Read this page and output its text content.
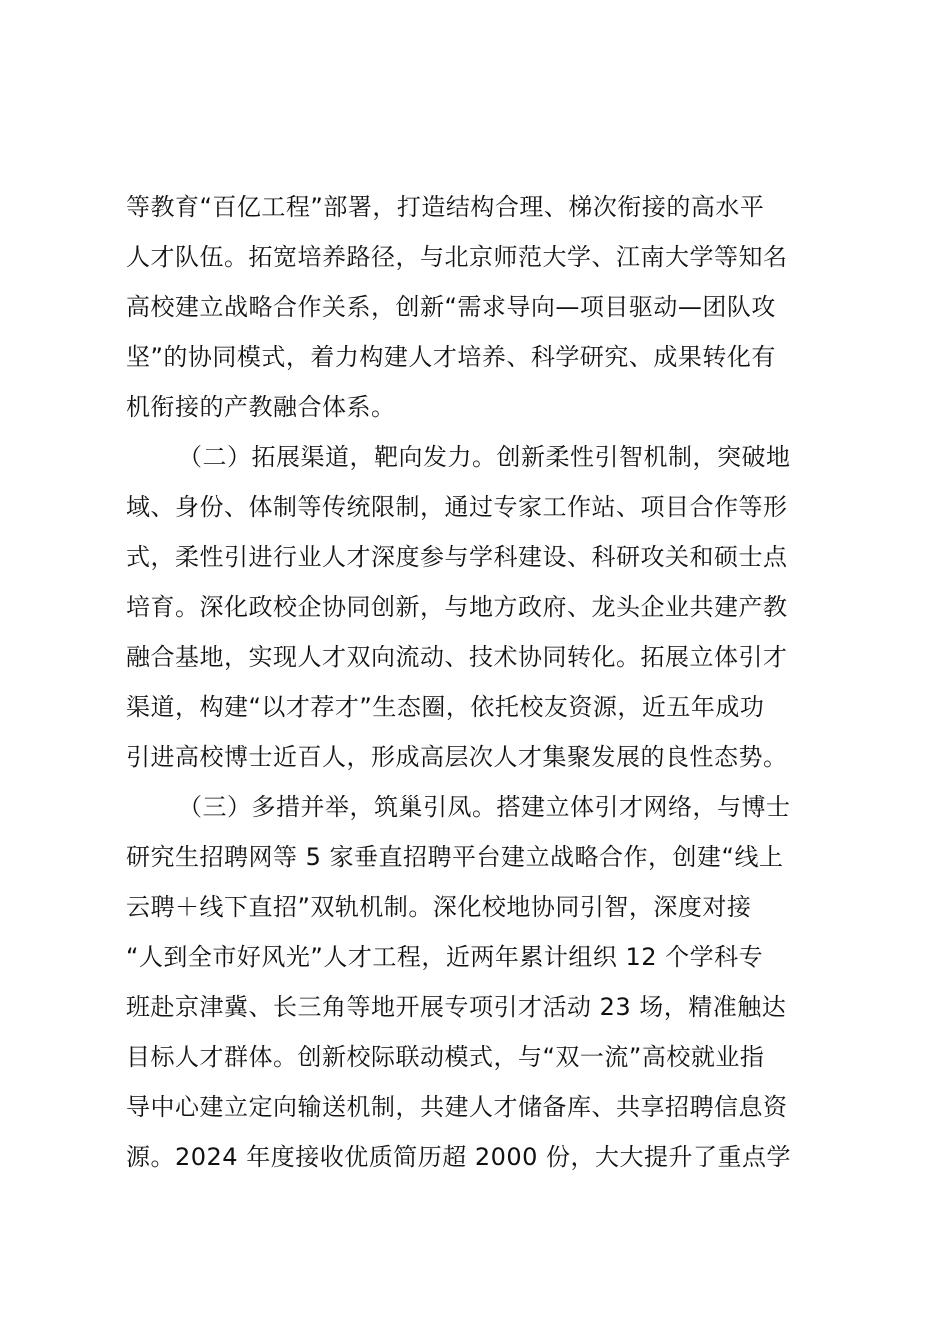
等教育“百亿工程”部署，打造结构合理、梯次衔接的高水平
人才队伍。拓宽培养路径，与北京师范大学、江南大学等知名
高校建立战略合作关系，创新“需求导向—项目驱动—团队攻
坚”的协同模式，着力构建人才培养、科学研究、成果转化有
机衔接的产教融合体系。
（二）拓展渠道，靶向发力。创新柔性引智机制，突破地
域、身份、体制等传统限制，通过专家工作站、项目合作等形
式，柔性引进行业人才深度参与学科建设、科研攻关和硕士点
培育。深化政校企协同创新，与地方政府、龙头企业共建产教
融合基地，实现人才双向流动、技术协同转化。拓展立体引才
渠道，构建“以才荐才”生态圈，依托校友资源，近五年成功
引进高校博士近百人，形成高层次人才集聚发展的良性态势。
（三）多措并举，筑巢引凤。搭建立体引才网络，与博士
研究生招聘网等 5 家垂直招聘平台建立战略合作，创建“线上
云聘＋线下直招”双轨机制。深化校地协同引智，深度对接
“人到全市好风光”人才工程，近两年累计组织 12 个学科专
班赴京津冀、长三角等地开展专项引才活动 23 场，精准触达
目标人才群体。创新校际联动模式，与“双一流”高校就业指
导中心建立定向输送机制，共建人才储备库、共享招聘信息资
源。2024 年度接收优质简历超 2000 份，大大提升了重点学
